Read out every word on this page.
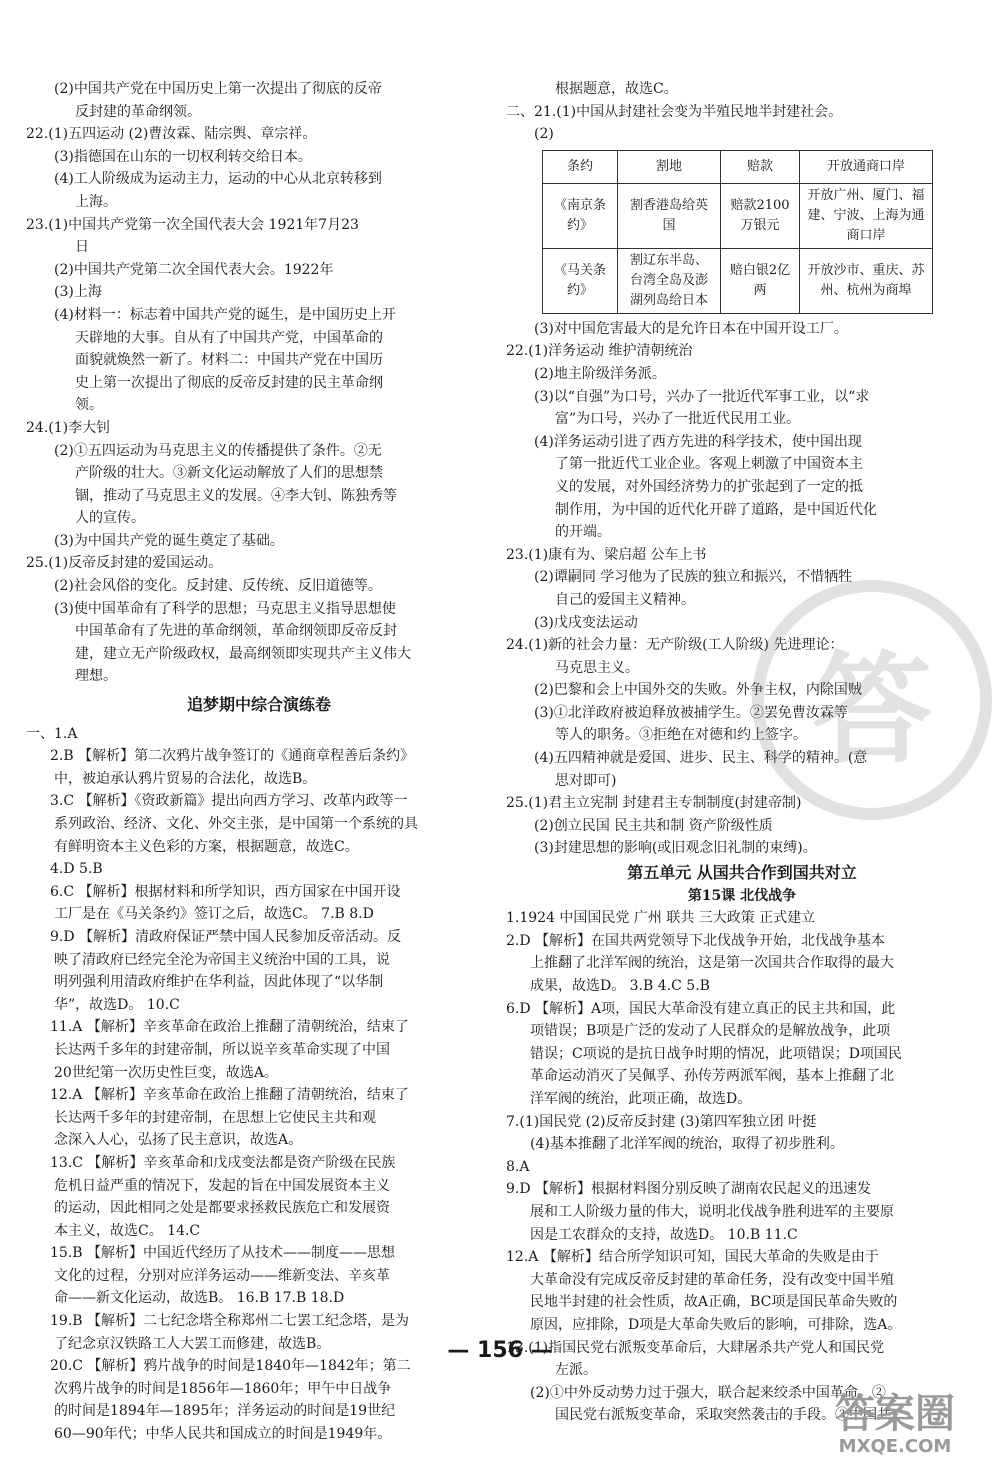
(2)中国共产党在中国历史上第一次提出了彻底的反帝
反封建的革命纲领。
22.(1)五四运动 (2)曹汝霖、陆宗舆、章宗祥。
(3)指德国在山东的一切权利转交给日本。
(4)工人阶级成为运动主力，运动的中心从北京转移到
上海。
23.(1)中国共产党第一次全国代表大会 1921年7月23
日
(2)中国共产党第二次全国代表大会。1922年
(3)上海
(4)材料一：标志着中国共产党的诞生，是中国历史上开
天辟地的大事。自从有了中国共产党，中国革命的
面貌就焕然一新了。材料二：中国共产党在中国历
史上第一次提出了彻底的反帝反封建的民主革命纲
领。
24.(1)李大钊
(2)①五四运动为马克思主义的传播提供了条件。②无
产阶级的壮大。③新文化运动解放了人们的思想禁
锢，推动了马克思主义的发展。④李大钊、陈独秀等
人的宣传。
(3)为中国共产党的诞生奠定了基础。
25.(1)反帝反封建的爱国运动。
(2)社会风俗的变化。反封建、反传统、反旧道德等。
(3)使中国革命有了科学的思想；马克思主义指导思想使
中国革命有了先进的革命纲领，革命纲领即反帝反封
建，建立无产阶级政权，最高纲领即实现共产主义伟大
理想。
追梦期中综合演练卷
一、1.A
2.B 【解析】第二次鸦片战争签订的《通商章程善后条约》
中，被迫承认鸦片贸易的合法化，故选B。
3.C 【解析】《资政新篇》提出向西方学习、改革内政等一
系列政治、经济、文化、外交主张，是中国第一个系统的具
有鲜明资本主义色彩的方案，根据题意，故选C。
4.D 5.B
6.C 【解析】根据材料和所学知识，西方国家在中国开设
工厂是在《马关条约》签订之后，故选C。 7.B 8.D
9.D 【解析】清政府保证严禁中国人民参加反帝活动。反
映了清政府已经完全沦为帝国主义统治中国的工具，说
明列强利用清政府维护在华利益，因此体现了“以华制
华”，故选D。 10.C
11.A 【解析】辛亥革命在政治上推翻了清朝统治，结束了
长达两千多年的封建帝制，所以说辛亥革命实现了中国
20世纪第一次历史性巨变，故选A。
12.A 【解析】辛亥革命在政治上推翻了清朝统治，结束了
长达两千多年的封建帝制，在思想上它使民主共和观
念深入人心，弘扬了民主意识，故选A。
13.C 【解析】辛亥革命和戊戌变法都是资产阶级在民族
危机日益严重的情况下，发起的旨在中国发展资本主义
的运动，因此相同之处是都要求拯救民族危亡和发展资
本主义，故选C。 14.C
15.B 【解析】中国近代经历了从技术——制度——思想
文化的过程，分别对应洋务运动——维新变法、辛亥革
命——新文化运动，故选B。 16.B 17.B 18.D
19.B 【解析】二七纪念塔全称郑州二七罢工纪念塔，是为
了纪念京汉铁路工人大罢工而修建，故选B。
20.C 【解析】鸦片战争的时间是1840年—1842年；第二
次鸦片战争的时间是1856年—1860年；甲午中日战争
的时间是1894年—1895年；洋务运动的时间是19世纪
60—90年代；中华人民共和国成立的时间是1949年。
根据题意，故选C。
二、21.(1)中国从封建社会变为半殖民地半封建社会。
(2)
条约	割地	赔款	开放通商口岸
《南京条约》	割香港岛给英国	赔款2100万银元	开放广州、厦门、福建、宁波、上海为通商口岸
《马关条约》	割辽东半岛、台湾全岛及澎湖列岛给日本	赔白银2亿两	开放沙市、重庆、苏州、杭州为商埠
(3)对中国危害最大的是允许日本在中国开设工厂。
22.(1)洋务运动 维护清朝统治
(2)地主阶级洋务派。
(3)以“自强”为口号，兴办了一批近代军事工业，以“求
富”为口号，兴办了一批近代民用工业。
(4)洋务运动引进了西方先进的科学技术，使中国出现
了第一批近代工业企业。客观上刺激了中国资本主
义的发展，对外国经济势力的扩张起到了一定的抵
制作用，为中国的近代化开辟了道路，是中国近代化
的开端。
23.(1)康有为、梁启超 公车上书
(2)谭嗣同 学习他为了民族的独立和振兴，不惜牺牲
自己的爱国主义精神。
(3)戊戌变法运动
24.(1)新的社会力量：无产阶级(工人阶级) 先进理论：
马克思主义。
(2)巴黎和会上中国外交的失败。外争主权，内除国贼
(3)①北洋政府被迫释放被捕学生。②罢免曹汝霖等
等人的职务。③拒绝在对德和约上签字。
(4)五四精神就是爱国、进步、民主、科学的精神。(意
思对即可)
25.(1)君主立宪制 封建君主专制制度(封建帝制)
(2)创立民国 民主共和制 资产阶级性质
(3)封建思想的影响(或旧观念旧礼制的束缚)。
第五单元 从国共合作到国共对立
第15课 北伐战争
1.1924 中国国民党 广州 联共 三大政策 正式建立
2.D 【解析】在国共两党领导下北伐战争开始，北伐战争基本
上推翻了北洋军阀的统治，这是第一次国共合作取得的最大
成果，故选D。 3.B 4.C 5.B
6.D 【解析】A项，国民大革命没有建立真正的民主共和国，此
项错误；B项是广泛的发动了人民群众的是解放战争，此项
错误；C项说的是抗日战争时期的情况，此项错误；D项国民
革命运动消灭了吴佩孚、孙传芳两派军阀，基本上推翻了北
洋军阀的统治，此项正确，故选D。
7.(1)国民党 (2)反帝反封建 (3)第四军独立团 叶挺
(4)基本推翻了北洋军阀的统治，取得了初步胜利。
8.A
9.D 【解析】根据材料图分别反映了湖南农民起义的迅速发
展和工人阶级力量的伟大，说明北伐战争胜利进军的主要原
因是工农群众的支持，故选D。 10.B 11.C
12.A 【解析】结合所学知识可知，国民大革命的失败是由于
大革命没有完成反帝反封建的革命任务，没有改变中国半殖
民地半封建的社会性质，故A正确，BC项是国民革命失败的
原因，应排除，D项是大革命失败后的影响，可排除，选A。
13.(1)指国民党右派叛变革命后，大肆屠杀共产党人和国民党
左派。
(2)①中外反动势力过于强大，联合起来绞杀中国革命。②
国民党右派叛变革命，采取突然袭击的手段。③中国共
答
— 156 —
答案圈
MXQE.COM
